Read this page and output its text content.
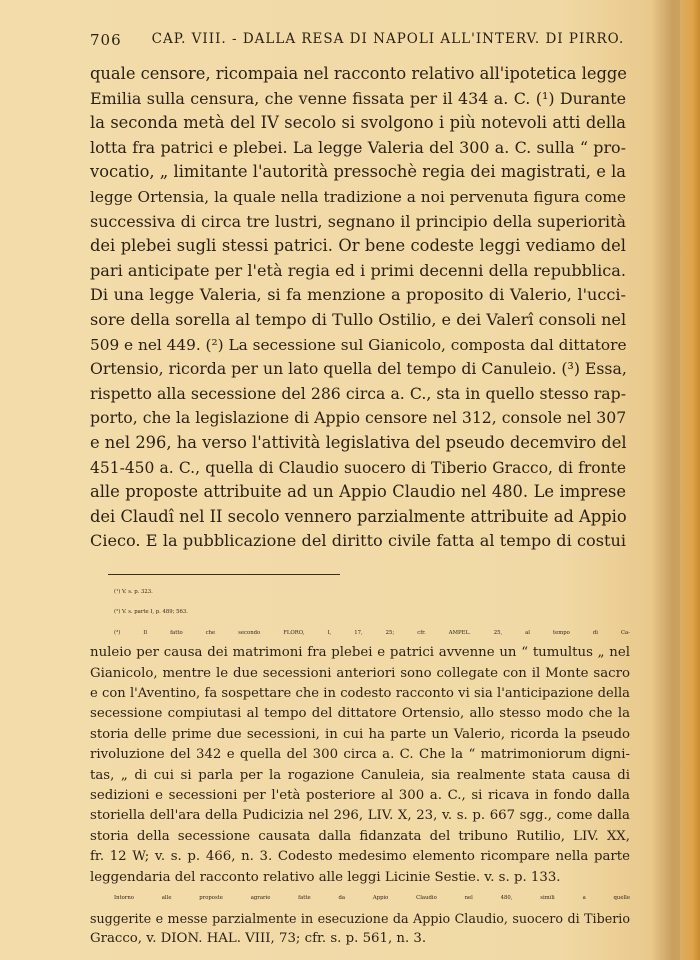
706 CAP. VIII. - DALLA RESA DI NAPOLI ALL'INTERV. DI PIRRO.
quale censore, ricompaia nel racconto relativo all'ipotetica legge
Emilia sulla censura, che venne fissata per il 434 a. C. (¹) Durante
la seconda metà del IV secolo si svolgono i più notevoli atti della
lotta fra patrici e plebei. La legge Valeria del 300 a. C. sulla “ pro-
vocatio, „ limitante l'autorità pressochè regia dei magistrati, e la
legge Ortensia, la quale nella tradizione a noi pervenuta figura come
successiva di circa tre lustri, segnano il principio della superiorità
dei plebei sugli stessi patrici. Or bene codeste leggi vediamo del
pari anticipate per l'età regia ed i primi decenni della repubblica.
Di una legge Valeria, si fa menzione a proposito di Valerio, l'ucci-
sore della sorella al tempo di Tullo Ostilio, e dei Valerî consoli nel
509 e nel 449. (²) La secessione sul Gianicolo, composta dal dittatore
Ortensio, ricorda per un lato quella del tempo di Canuleio. (³) Essa,
rispetto alla secessione del 286 circa a. C., sta in quello stesso rap-
porto, che la legislazione di Appio censore nel 312, console nel 307
e nel 296, ha verso l'attività legislativa del pseudo decemviro del
451-450 a. C., quella di Claudio suocero di Tiberio Gracco, di fronte
alle proposte attribuite ad un Appio Claudio nel 480. Le imprese
dei Claudî nel II secolo vennero parzialmente attribuite ad Appio
Cieco. E la pubblicazione del diritto civile fatta al tempo di costui
(¹) V. s. p. 323.
(²) V. s. parte I, p. 489; 563.
(³) Il fatto che secondo FLORO, I, 17, 25; cfr. AMPEL. 25, al tempo di Ca-
nuleio per causa dei matrimoni fra plebei e patrici avvenne un “ tumultus „ nel
Gianicolo, mentre le due secessioni anteriori sono collegate con il Monte sacro
e con l'Aventino, fa sospettare che in codesto racconto vi sia l'anticipazione della
secessione compiutasi al tempo del dittatore Ortensio, allo stesso modo che la
storia delle prime due secessioni, in cui ha parte un Valerio, ricorda la pseudo
rivoluzione del 342 e quella del 300 circa a. C. Che la “ matrimoniorum digni-
tas, „ di cui si parla per la rogazione Canuleia, sia realmente stata causa di
sedizioni e secessioni per l'età posteriore al 300 a. C., si ricava in fondo dalla
storiella dell'ara della Pudicizia nel 296, LIV. X, 23, v. s. p. 667 sgg., come dalla
storia della secessione causata dalla fidanzata del tribuno Rutilio, LIV. XX,
fr. 12 W; v. s. p. 466, n. 3. Codesto medesimo elemento ricompare nella parte
leggendaria del racconto relativo alle leggi Licinie Sestie. v. s. p. 133.
Intorno alle proposte agrarie fatte da Appio Claudio nel 480, simili a quelle
suggerite e messe parzialmente in esecuzione da Appio Claudio, suocero di Tiberio
Gracco, v. DION. HAL. VIII, 73; cfr. s. p. 561, n. 3.
